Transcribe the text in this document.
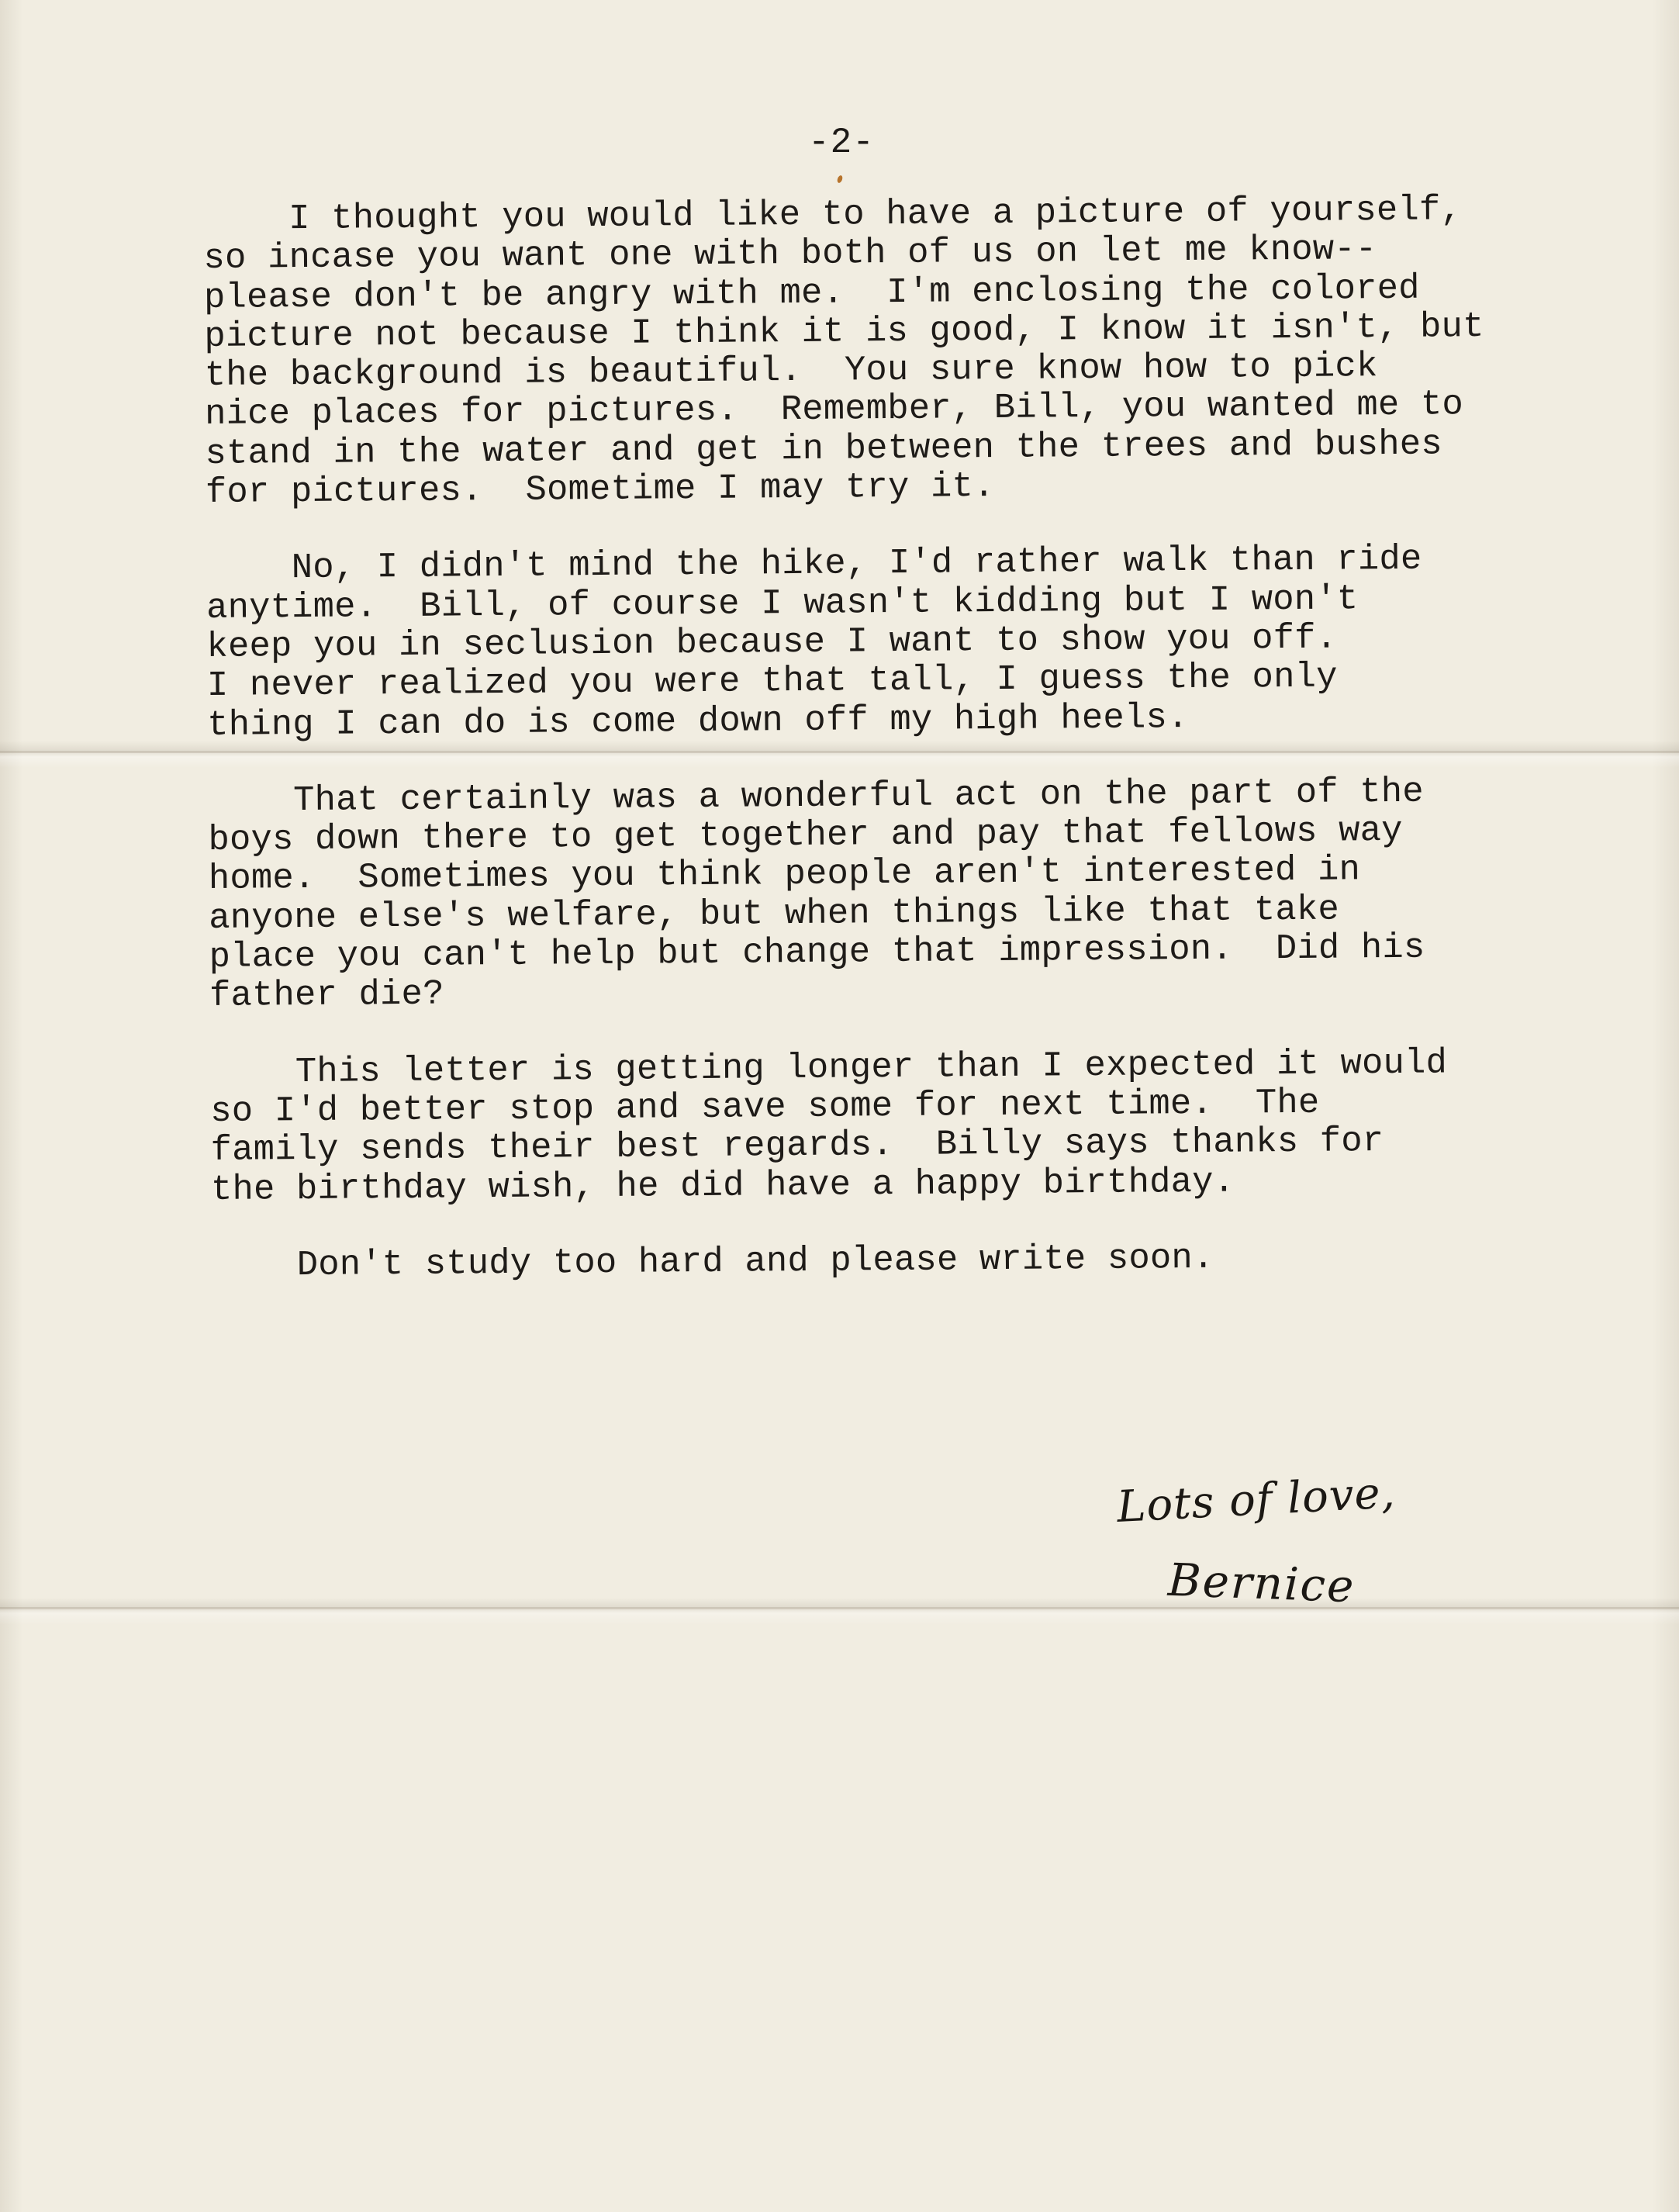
-2-
I thought you would like to have a picture of yourself,
so incase you want one with both of us on let me know--
please don't be angry with me.  I'm enclosing the colored
picture not because I think it is good, I know it isn't, but
the background is beautiful.  You sure know how to pick
nice places for pictures.  Remember, Bill, you wanted me to
stand in the water and get in between the trees and bushes
for pictures.  Sometime I may try it.
No, I didn't mind the hike, I'd rather walk than ride
anytime.  Bill, of course I wasn't kidding but I won't
keep you in seclusion because I want to show you off.
I never realized you were that tall, I guess the only
thing I can do is come down off my high heels.
That certainly was a wonderful act on the part of the
boys down there to get together and pay that fellows way
home.  Sometimes you think people aren't interested in
anyone else's welfare, but when things like that take
place you can't help but change that impression.  Did his
father die?
This letter is getting longer than I expected it would
so I'd better stop and save some for next time.  The
family sends their best regards.  Billy says thanks for
the birthday wish, he did have a happy birthday.
Don't study too hard and please write soon.
Lots of love,
Bernice
